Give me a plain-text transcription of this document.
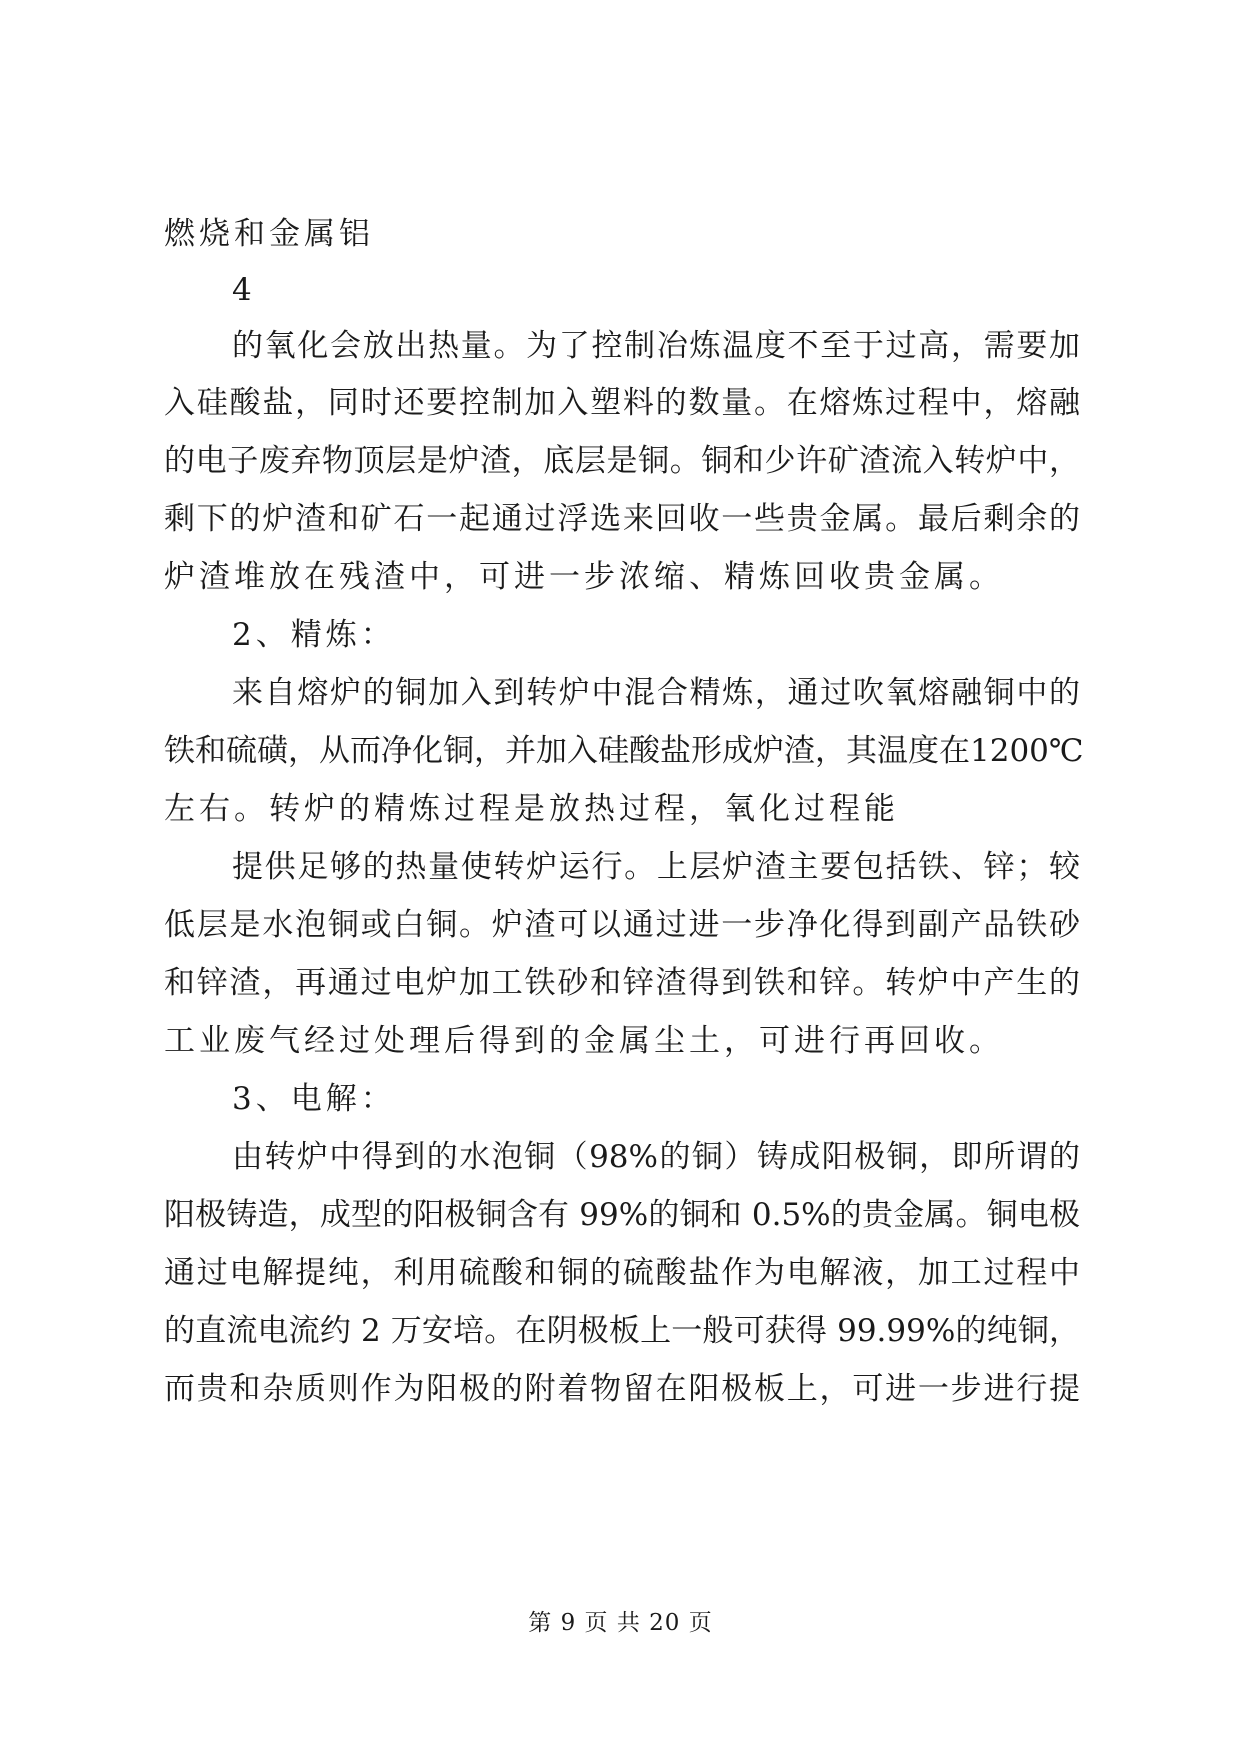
燃烧和金属铝
4
的氧化会放出热量。为了控制冶炼温度不至于过高，需要加
入硅酸盐，同时还要控制加入塑料的数量。在熔炼过程中，熔融
的电子废弃物顶层是炉渣，底层是铜。铜和少许矿渣流入转炉中，
剩下的炉渣和矿石一起通过浮选来回收一些贵金属。最后剩余的
炉渣堆放在残渣中，可进一步浓缩、精炼回收贵金属。
2、精炼：
来自熔炉的铜加入到转炉中混合精炼，通过吹氧熔融铜中的
铁和硫磺，从而净化铜，并加入硅酸盐形成炉渣，其温度在1200℃
左右。转炉的精炼过程是放热过程，氧化过程能
提供足够的热量使转炉运行。上层炉渣主要包括铁、锌；较
低层是水泡铜或白铜。炉渣可以通过进一步净化得到副产品铁砂
和锌渣，再通过电炉加工铁砂和锌渣得到铁和锌。转炉中产生的
工业废气经过处理后得到的金属尘土，可进行再回收。
3、电解：
由转炉中得到的水泡铜（98%的铜）铸成阳极铜，即所谓的
阳极铸造，成型的阳极铜含有 99%的铜和 0.5%的贵金属。铜电极
通过电解提纯，利用硫酸和铜的硫酸盐作为电解液，加工过程中
的直流电流约 2 万安培。在阴极板上一般可获得 99.99%的纯铜，
而贵和杂质则作为阳极的附着物留在阳极板上，可进一步进行提
第 9 页 共 20 页
